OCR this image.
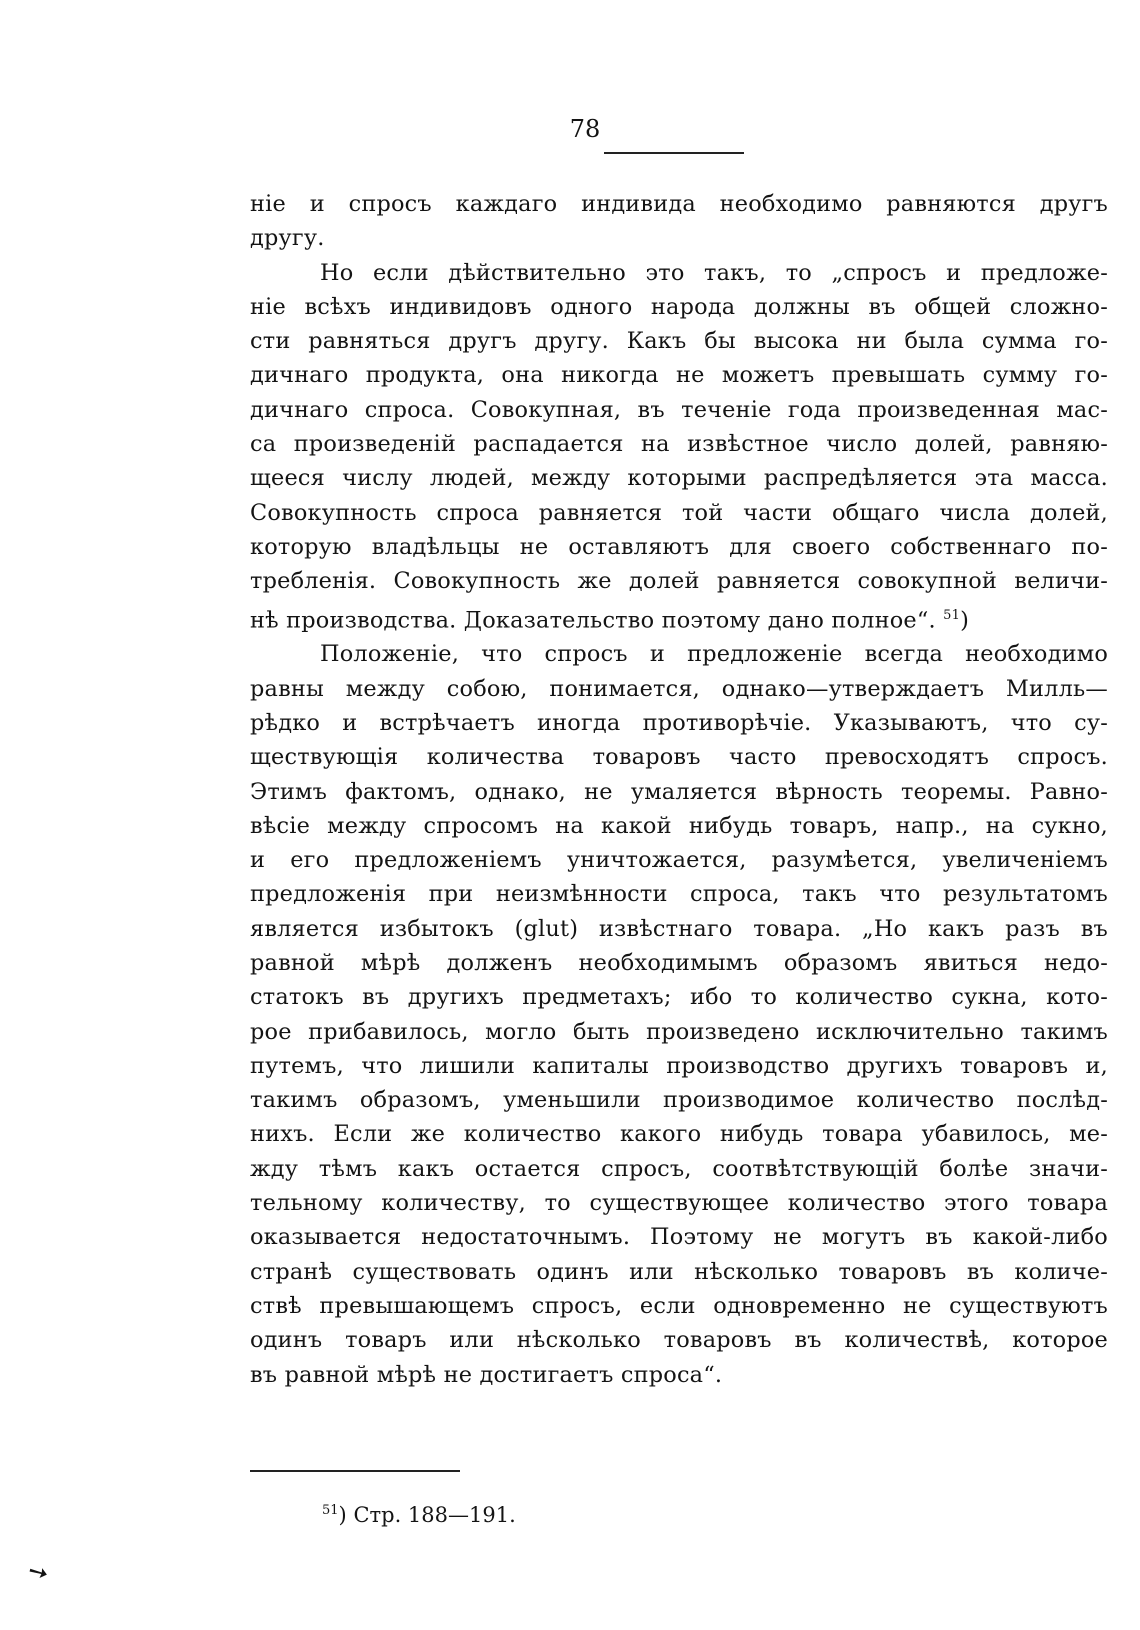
78
ніе и спросъ каждаго индивида необходимо равняются другъ
другу.
Но если дѣйствительно это такъ, то „спросъ и предложе-
ніе всѣхъ индивидовъ одного народа должны въ общей сложно-
сти равняться другъ другу. Какъ бы высока ни была сумма го-
дичнаго продукта, она никогда не можетъ превышать сумму го-
дичнаго спроса. Совокупная, въ теченіе года произведенная мас-
са произведеній распадается на извѣстное число долей, равняю-
щееся числу людей, между которыми распредѣляется эта масса.
Совокупность спроса равняется той части общаго числа долей,
которую владѣльцы не оставляютъ для своего собственнаго по-
требленія. Совокупность же долей равняется совокупной величи-
нѣ производства. Доказательство поэтому дано полное“. $^{51}$)
Положеніе, что спросъ и предложеніе всегда необходимо
равны между собою, понимается, однако—утверждаетъ Милль—
рѣдко и встрѣчаетъ иногда противорѣчіе. Указываютъ, что су-
ществующія количества товаровъ часто превосходятъ спросъ.
Этимъ фактомъ, однако, не умаляется вѣрность теоремы. Равно-
вѣсіе между спросомъ на какой нибудь товаръ, напр., на сукно,
и его предложеніемъ уничтожается, разумѣется, увеличеніемъ
предложенія при неизмѣнности спроса, такъ что результатомъ
является избытокъ (glut) извѣстнаго товара. „Но какъ разъ въ
равной мѣрѣ долженъ необходимымъ образомъ явиться недо-
статокъ въ другихъ предметахъ; ибо то количество сукна, кото-
рое прибавилось, могло быть произведено исключительно такимъ
путемъ, что лишили капиталы производство другихъ товаровъ и,
такимъ образомъ, уменьшили производимое количество послѣд-
нихъ. Если же количество какого нибудь товара убавилось, ме-
жду тѣмъ какъ остается спросъ, соотвѣтствующій болѣе значи-
тельному количеству, то существующее количество этого товара
оказывается недостаточнымъ. Поэтому не могутъ въ какой-либо
странѣ существовать одинъ или нѣсколько товаровъ въ количе-
ствѣ превышающемъ спросъ, если одновременно не существуютъ
одинъ товаръ или нѣсколько товаровъ въ количествѣ, которое
въ равной мѣрѣ не достигаетъ спроса“.
$^{51}$) Стр. 188—191.
➘
